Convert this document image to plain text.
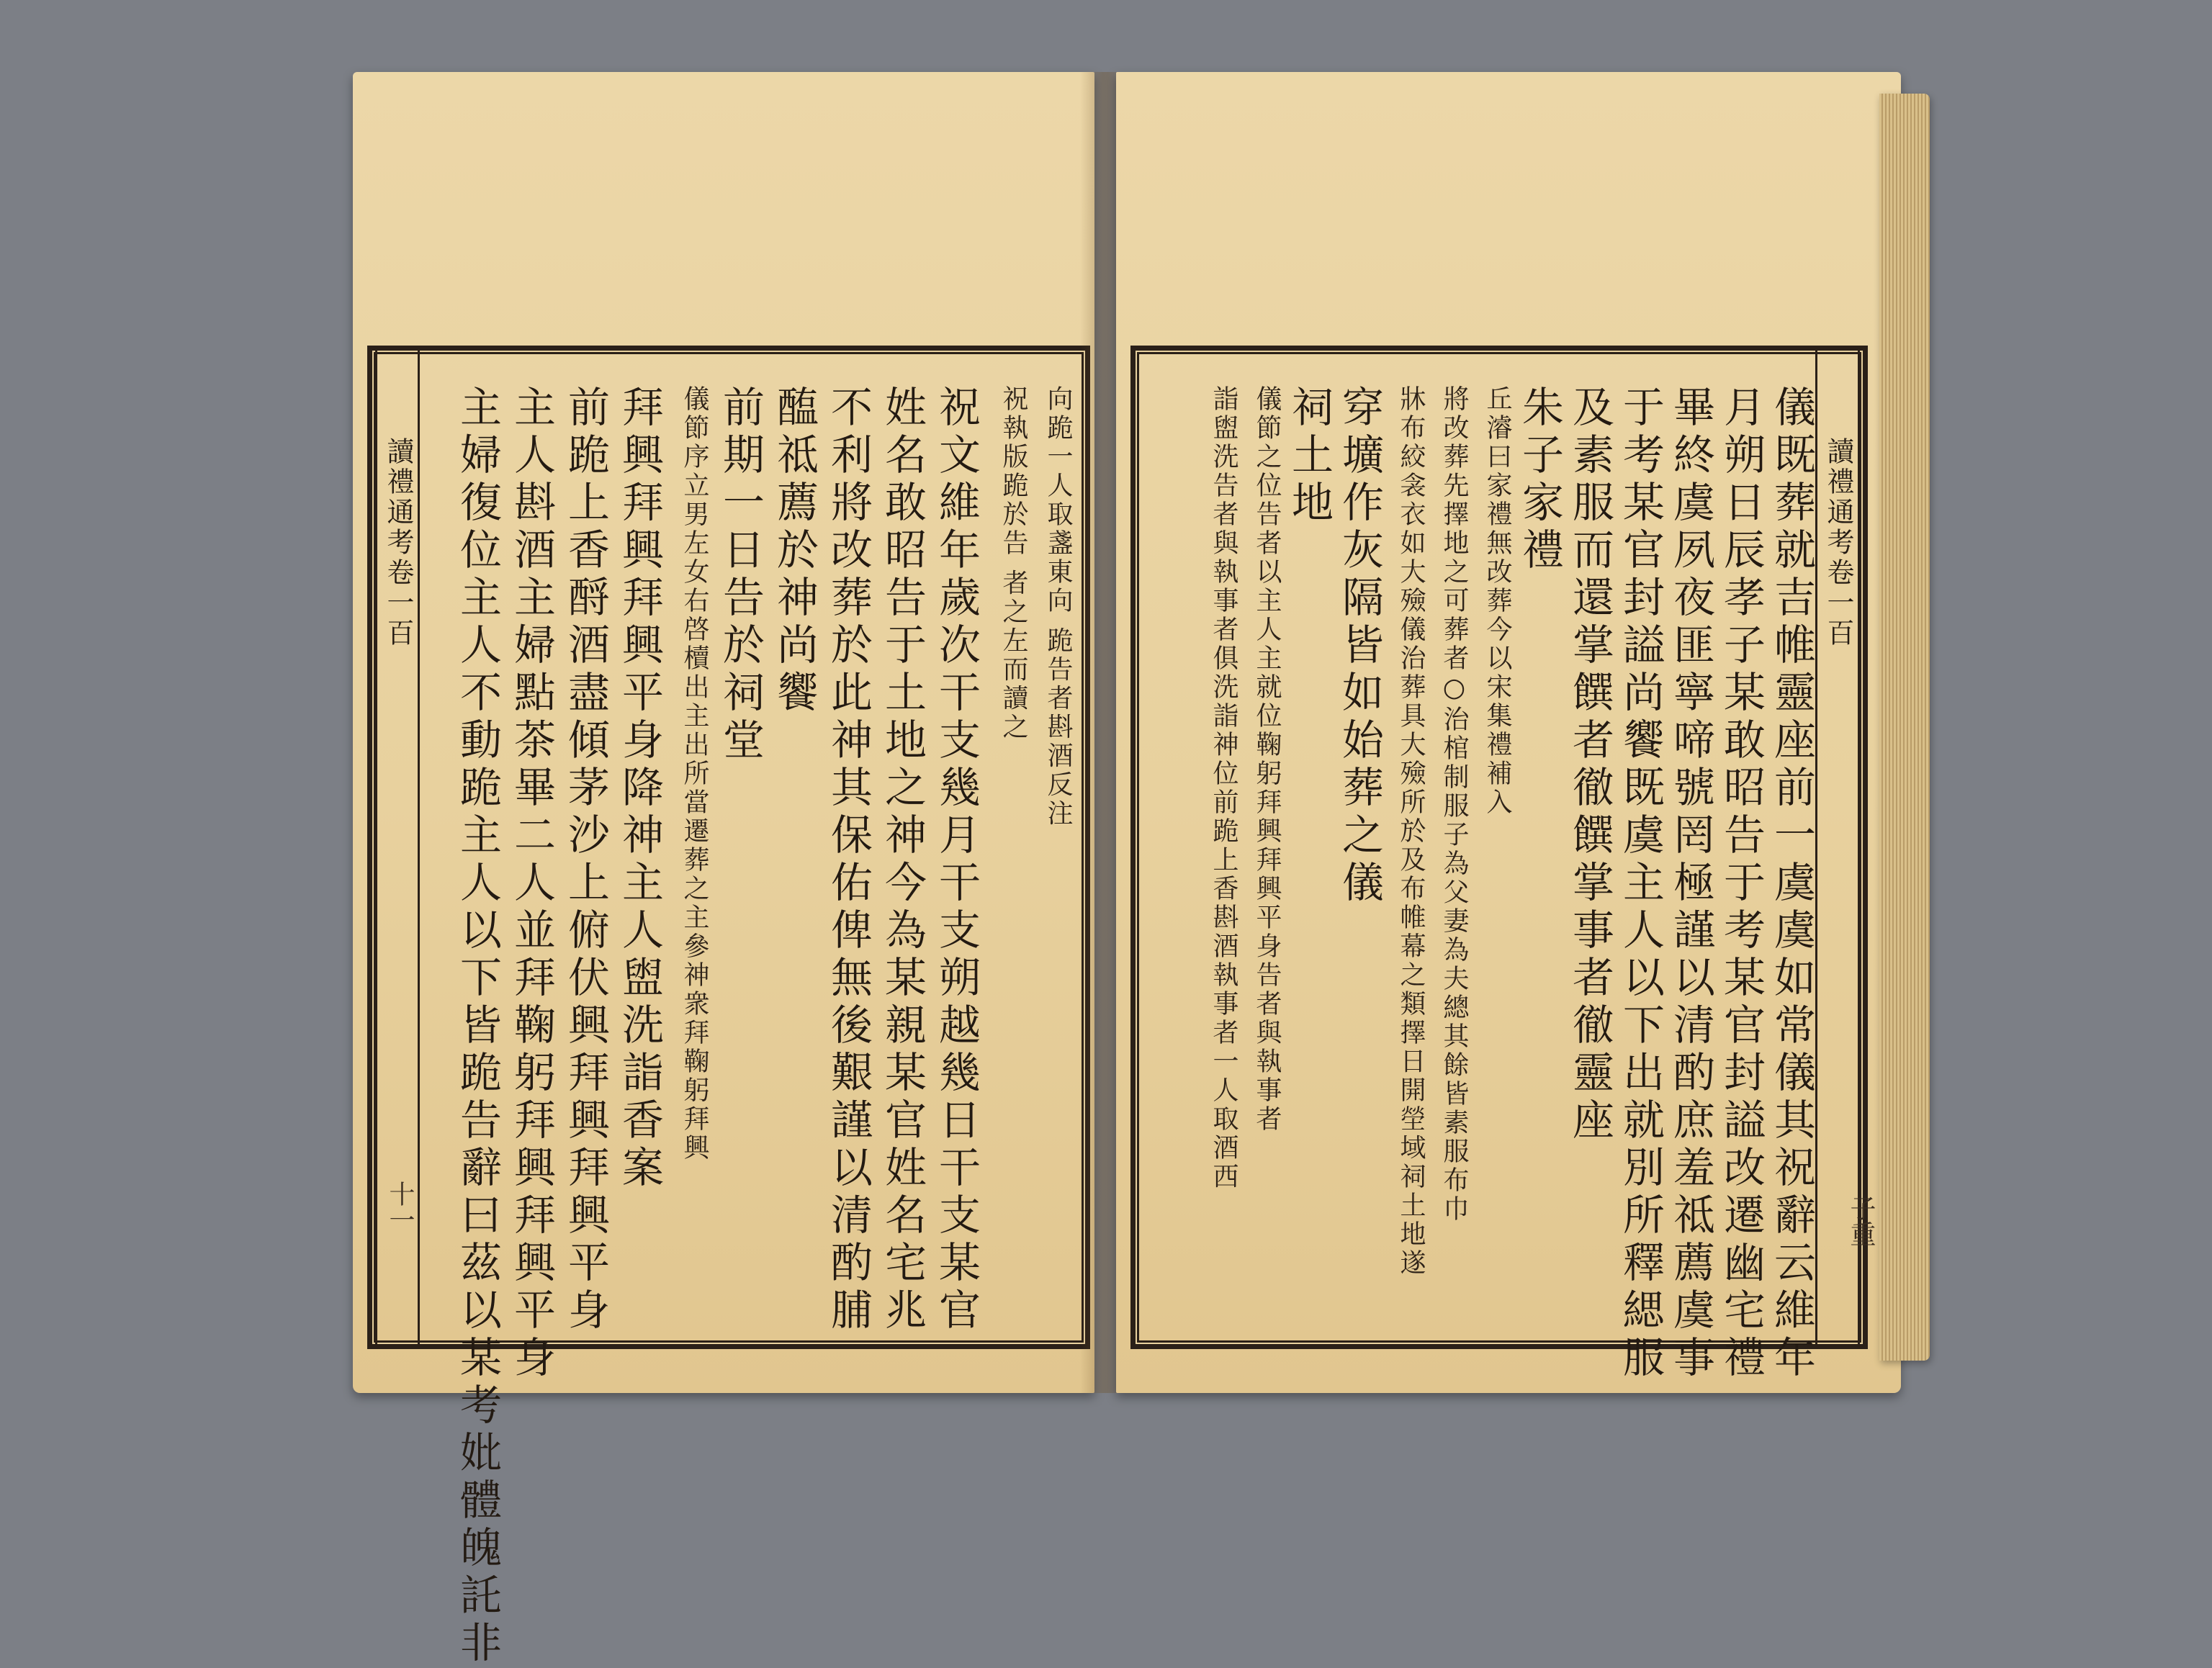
向跪一人取盞東向 跪告者斟酒反注
祝執版跪於告 者之左而讀之
祝文維年歲次干支幾月干支朔越幾日干支某官
姓名敢昭告于土地之神今為某親某官姓名宅兆
不利將改葬於此神其保佑俾無後艱謹以清酌脯
醢祗薦於神尚饗
前期一日告於祠堂
儀節序立男左女右啓櫝出主出所當遷葬之主參神衆拜鞠躬拜興
拜興拜興拜興平身降神主人盥洗詣香案
前跪上香酹酒盡傾茅沙上俯伏興拜興拜興平身
主人斟酒主婦點茶畢二人並拜鞠躬拜興拜興平身
主婦復位主人不動跪主人以下皆跪告辭曰茲以某考妣體魄託非
讀禮通考卷一百
十一	儀既葬就吉帷靈座前一虞虞如常儀其祝辭云維年
月朔日辰孝子某敢昭告于考某官封謚改遷幽宅禮
畢終虞夙夜匪寧啼號罔極謹以清酌庶羞祗薦虞事
于考某官封謚尚饗既虞主人以下出就別所釋緦服
及素服而還掌饌者徹饌掌事者徹靈座
朱子家禮
丘濬曰家禮無改葬今以宋集禮補入
將改葬先擇地之可葬者○治棺制服子為父妻為夫總其餘皆素服布巾
牀布絞衾衣如大殮儀治葬具大殮所於及布帷幕之類擇日開塋域祠土地遂
穿壙作灰隔皆如始葬之儀
祠土地
儀節之位告者以主人主就位鞠躬拜興拜興平身告者與執事者
詣盥洗告者與執事者俱洗詣神位前跪上香斟酒執事者一人取酒西	讀禮通考卷一百
子重
